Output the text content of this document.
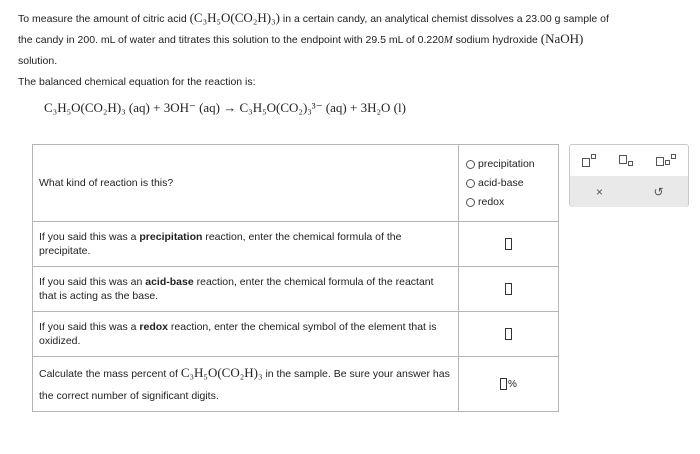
To measure the amount of citric acid (C₃H₅O(CO₂H)₃) in a certain candy, an analytical chemist dissolves a 23.00 g sample of
the candy in 200. mL of water and titrates this solution to the endpoint with 29.5 mL of 0.220M sodium hydroxide (NaOH)
solution.
The balanced chemical equation for the reaction is:
C₃H₅O(CO₂H)₃ (aq) + 3OH⁻ (aq) → C₃H₅O(CO₂)₃³⁻ (aq) + 3H₂O (l)
What kind of reaction is this?	precipitation
acid-base
redox

If you said this was a precipitation reaction, enter the chemical formula of the precipitate.	
If you said this was an acid-base reaction, enter the chemical formula of the reactant that is acting as the base.	
If you said this was a redox reaction, enter the chemical symbol of the element that is oxidized.	
Calculate the mass percent of C₃H₅O(CO₂H)₃ in the sample. Be sure your answer has the correct number of significant digits.	%
×	↺
